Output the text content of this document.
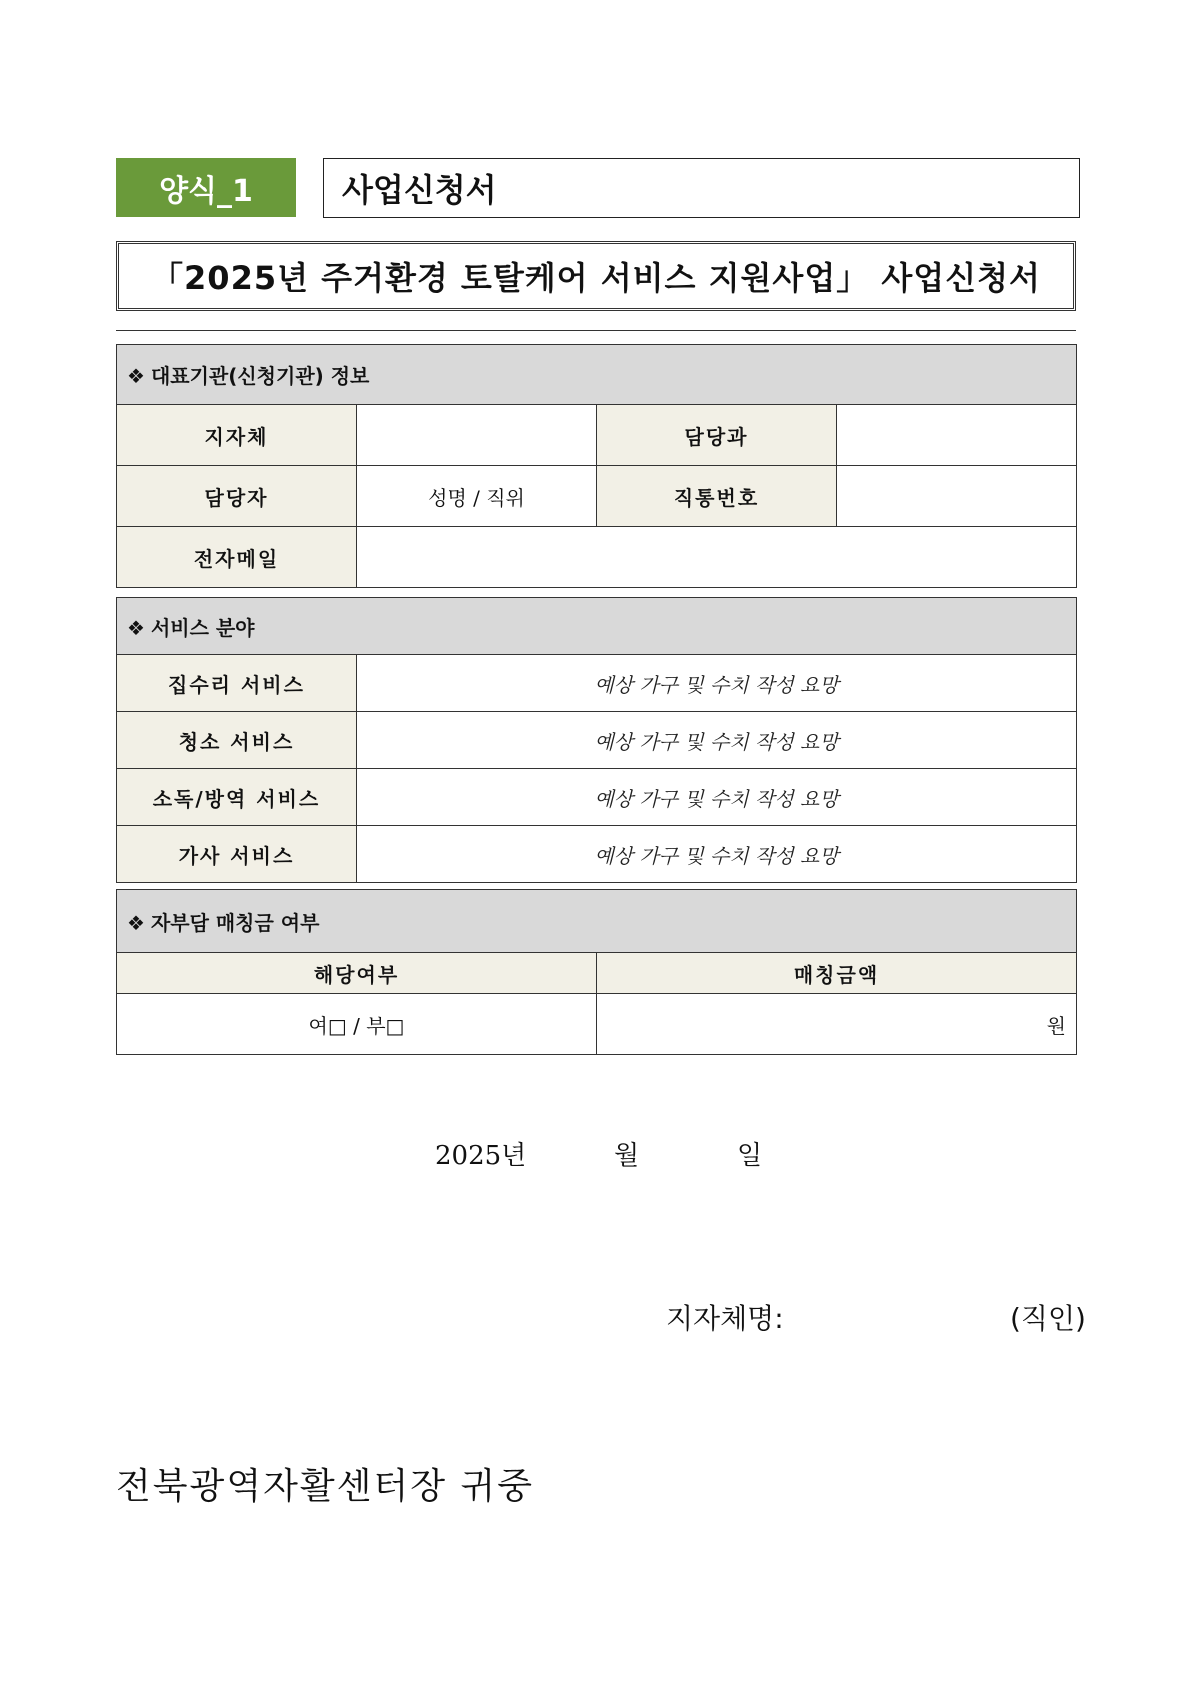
양식_1	사업신청서
「2025년 주거환경 토탈케어 서비스 지원사업」 사업신청서
❖ 대표기관(신청기관) 정보			
지자체		담당과	
담당자	성명 / 직위	직통번호	
전자메일			
❖ 서비스 분야	
집수리 서비스	예상 가구 및 수치 작성 요망
청소 서비스	예상 가구 및 수치 작성 요망
소독/방역 서비스	예상 가구 및 수치 작성 요망
가사 서비스	예상 가구 및 수치 작성 요망
❖ 자부담 매칭금 여부	
해당여부	매칭금액
여□ / 부□	원
2025년	월	일
지자체명:	(직인)
전북광역자활센터장 귀중
